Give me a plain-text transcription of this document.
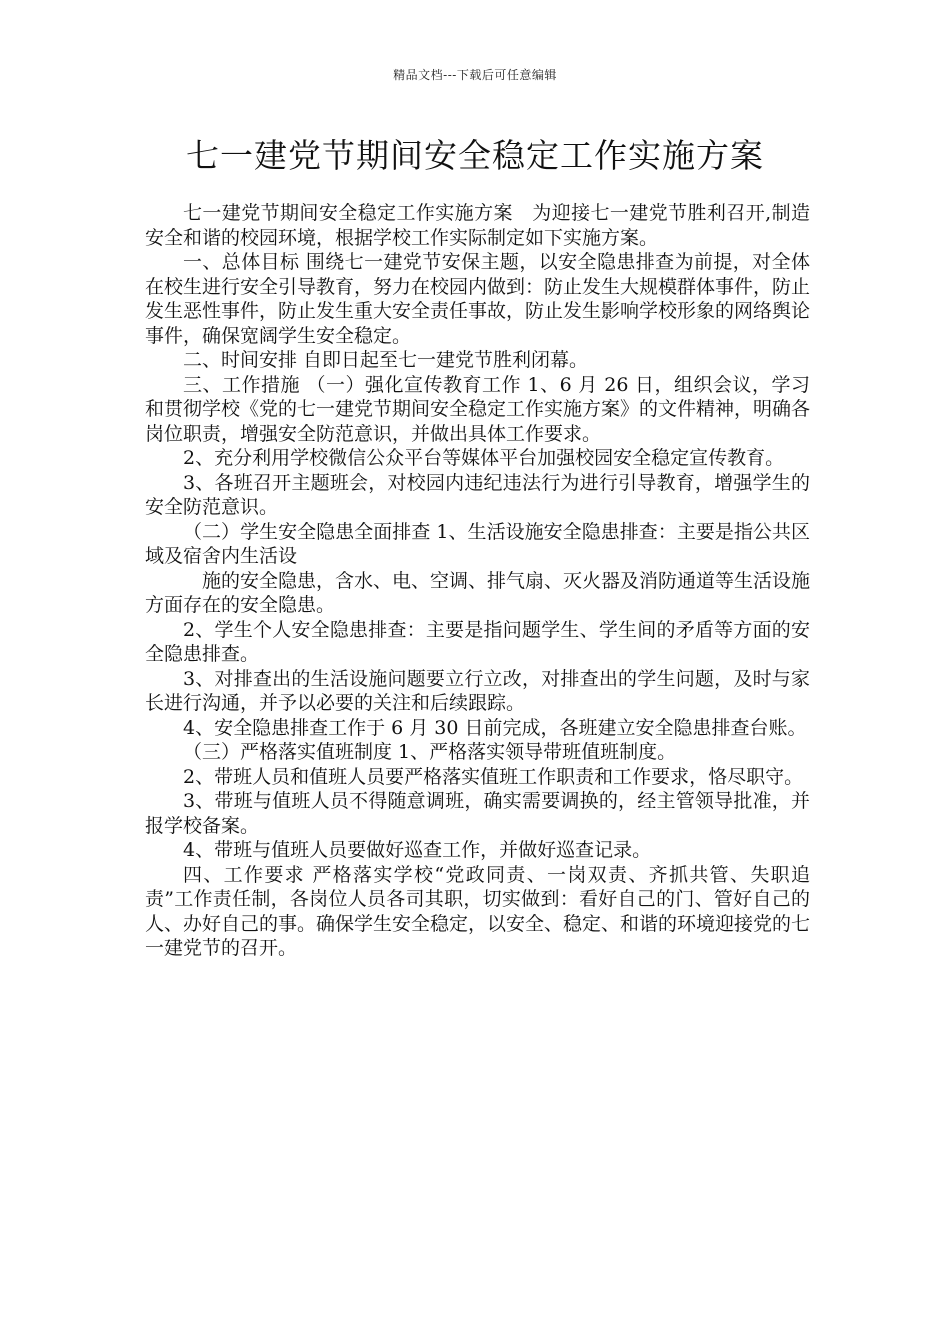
精品文档---下载后可任意编辑
七一建党节期间安全稳定工作实施方案

七一建党节期间安全稳定工作实施方案　为迎接七一建党节胜利召开,制造安全和谐的校园环境，根据学校工作实际制定如下实施方案。

一、总体目标 围绕七一建党节安保主题，以安全隐患排查为前提，对全体在校生进行安全引导教育，努力在校园内做到：防止发生大规模群体事件，防止发生恶性事件，防止发生重大安全责任事故，防止发生影响学校形象的网络舆论事件，确保宽阔学生安全稳定。

二、时间安排 自即日起至七一建党节胜利闭幕。

三、工作措施 （一）强化宣传教育工作 1、6 月 26 日，组织会议，学习和贯彻学校《党的七一建党节期间安全稳定工作实施方案》的文件精神，明确各岗位职责，增强安全防范意识，并做出具体工作要求。

2、充分利用学校微信公众平台等媒体平台加强校园安全稳定宣传教育。

3、各班召开主题班会，对校园内违纪违法行为进行引导教育，增强学生的安全防范意识。

（二）学生安全隐患全面排查 1、生活设施安全隐患排查：主要是指公共区域及宿舍内生活设

施的安全隐患，含水、电、空调、排气扇、灭火器及消防通道等生活设施方面存在的安全隐患。

2、学生个人安全隐患排查：主要是指问题学生、学生间的矛盾等方面的安全隐患排查。

3、对排查出的生活设施问题要立行立改，对排查出的学生问题，及时与家长进行沟通，并予以必要的关注和后续跟踪。

4、安全隐患排查工作于 6 月 30 日前完成，各班建立安全隐患排查台账。

（三）严格落实值班制度 1、严格落实领导带班值班制度。

2、带班人员和值班人员要严格落实值班工作职责和工作要求，恪尽职守。

3、带班与值班人员不得随意调班，确实需要调换的，经主管领导批准，并报学校备案。

4、带班与值班人员要做好巡查工作，并做好巡查记录。

四、工作要求 严格落实学校“党政同责、一岗双责、齐抓共管、失职追责”工作责任制，各岗位人员各司其职，切实做到：看好自己的门、管好自己的人、办好自己的事。确保学生安全稳定，以安全、稳定、和谐的环境迎接党的七一建党节的召开。
